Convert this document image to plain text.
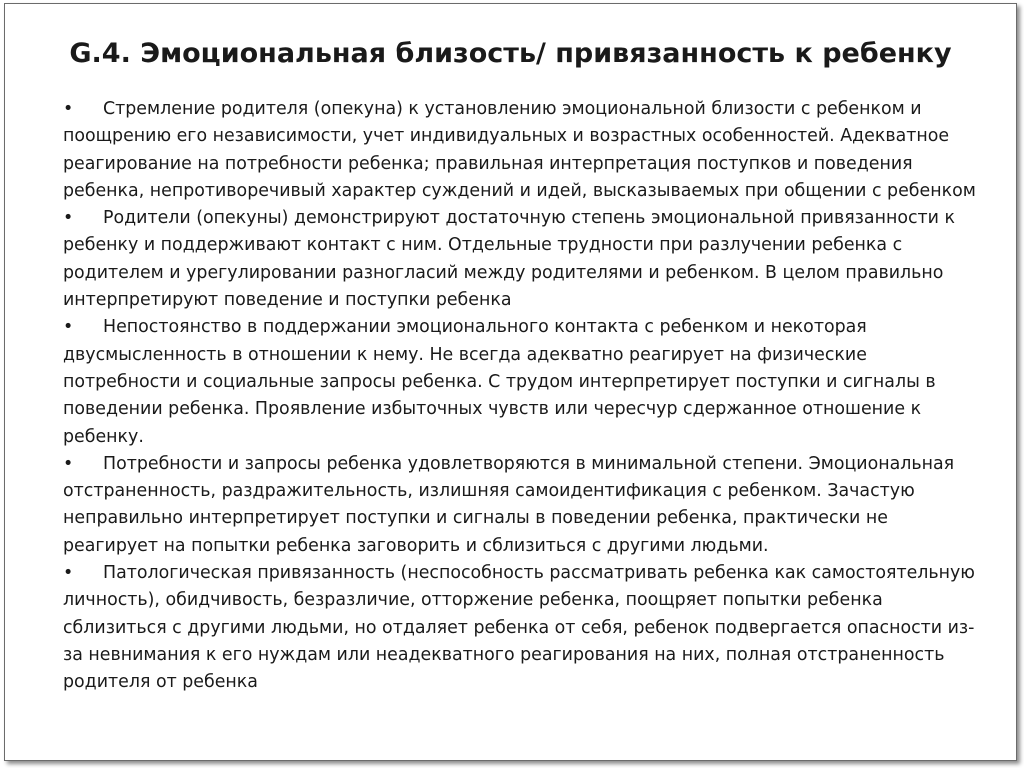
G.4. Эмоциональная близость/ привязанность к ребенку

• Стремление родителя (опекуна) к установлению эмоциональной близости с ребенком и поощрению его независимости, учет индивидуальных и возрастных особенностей. Адекватное реагирование на потребности ребенка; правильная интерпретация поступков и поведения ребенка, непротиворечивый характер суждений и идей, высказываемых при общении с ребенком

• Родители (опекуны) демонстрируют достаточную степень эмоциональной привязанности к ребенку и поддерживают контакт с ним. Отдельные трудности при разлучении ребенка с родителем и урегулировании разногласий между родителями и ребенком. В целом правильно интерпретируют поведение и поступки ребенка

• Непостоянство в поддержании эмоционального контакта с ребенком и некоторая двусмысленность в отношении к нему. Не всегда адекватно реагирует на физические потребности и социальные запросы ребенка. С трудом интерпретирует поступки и сигналы в поведении ребенка. Проявление избыточных чувств или чересчур сдержанное отношение к ребенку.

• Потребности и запросы ребенка удовлетворяются в минимальной степени. Эмоциональная отстраненность, раздражительность, излишняя самоидентификация с ребенком. Зачастую неправильно интерпретирует поступки и сигналы в поведении ребенка, практически не реагирует на попытки ребенка заговорить и сблизиться с другими людьми.

• Патологическая привязанность (неспособность рассматривать ребенка как самостоятельную личность), обидчивость, безразличие, отторжение ребенка, поощряет попытки ребенка сблизиться с другими людьми, но отдаляет ребенка от себя, ребенок подвергается опасности из-за невнимания к его нуждам или неадекватного реагирования на них, полная отстраненность родителя от ребенка
